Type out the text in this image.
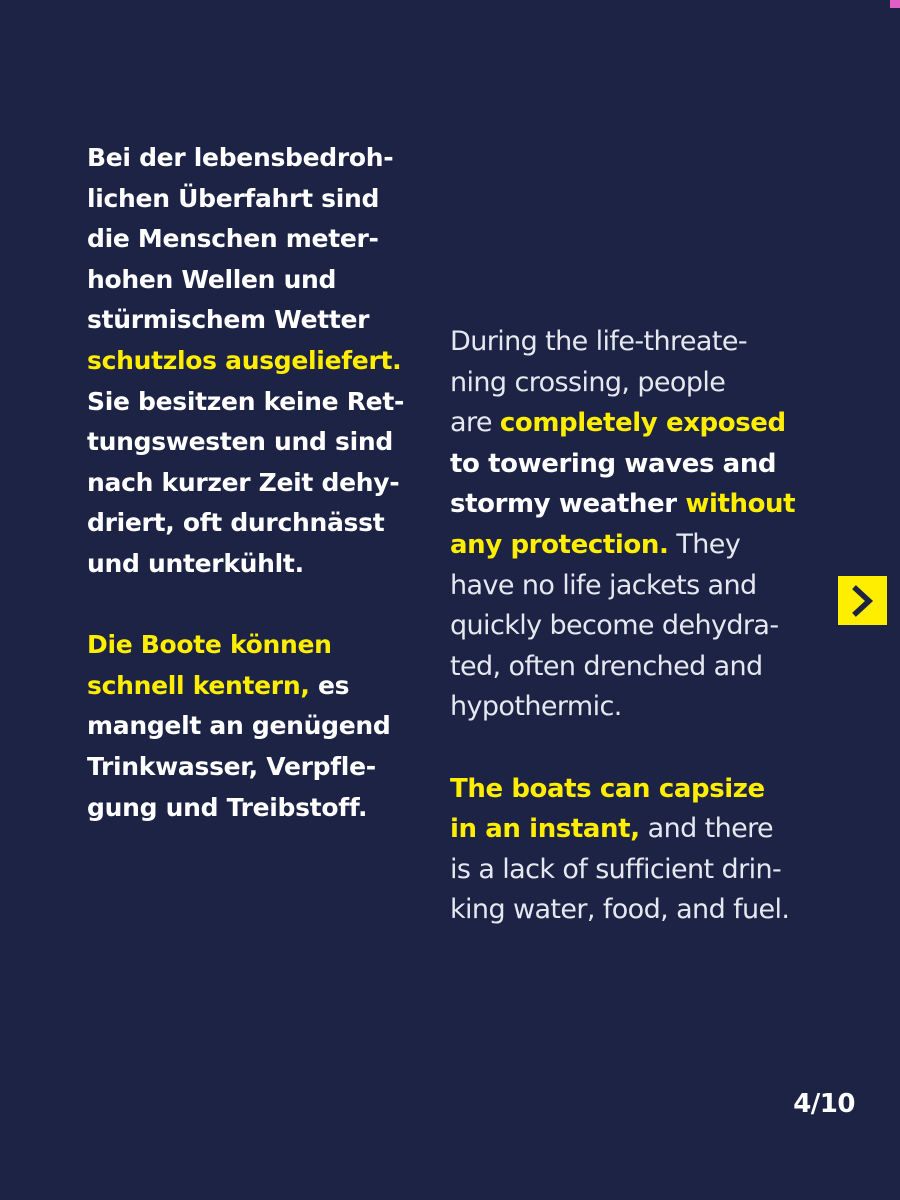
Bei der lebensbedroh-
lichen Überfahrt sind
die Menschen meter-
hohen Wellen und
stürmischem Wetter
schutzlos ausgeliefert.
Sie besitzen keine Ret-
tungswesten und sind
nach kurzer Zeit dehy-
driert, oft durchnässt
und unterkühlt.
Die Boote können
schnell kentern, es
mangelt an genügend
Trinkwasser, Verpfle-
gung und Treibstoff.
During the life-threate-
ning crossing, people
are completely exposed
to towering waves and
stormy weather without
any protection. They
have no life jackets and
quickly become dehydra-
ted, often drenched and
hypothermic.
The boats can capsize
in an instant, and there
is a lack of sufficient drin-
king water, food, and fuel.
4/10
